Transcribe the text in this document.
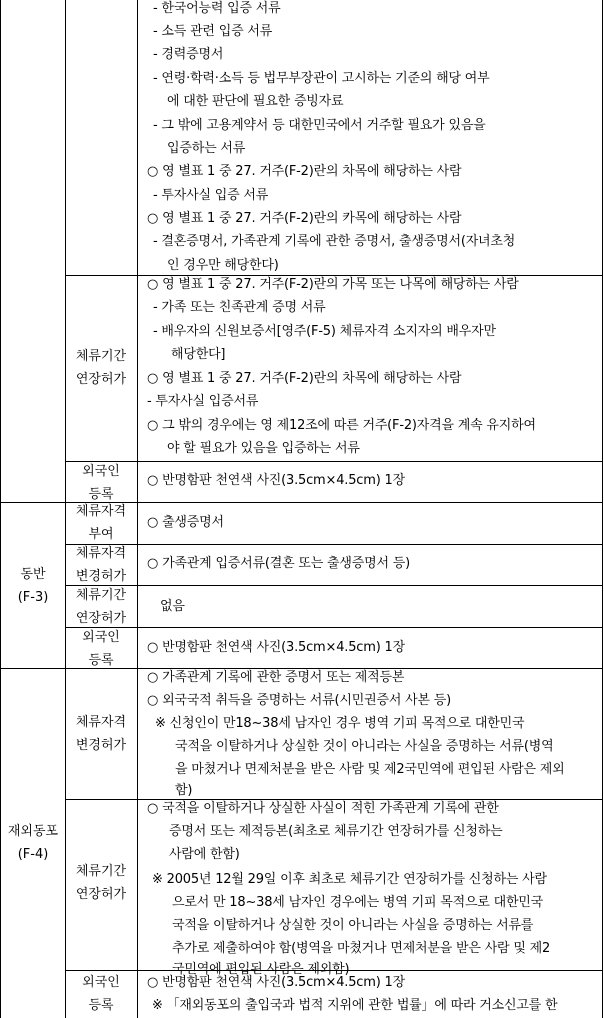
- 한국어능력 입증 서류
- 소득 관련 입증 서류
- 경력증명서
- 연령·학력·소득 등 법무부장관이 고시하는 기준의 해당 여부
에 대한 판단에 필요한 증빙자료
- 그 밖에 고용계약서 등 대한민국에서 거주할 필요가 있음을
입증하는 서류
○ 영 별표 1 중 27. 거주(F-2)란의 차목에 해당하는 사람
- 투자사실 입증 서류
○ 영 별표 1 중 27. 거주(F-2)란의 카목에 해당하는 사람
- 결혼증명서, 가족관계 기록에 관한 증명서, 출생증명서(자녀초청
인 경우만 해당한다)
체류기간
연장허가
○ 영 별표 1 중 27. 거주(F-2)란의 가목 또는 나목에 해당하는 사람
- 가족 또는 친족관계 증명 서류
- 배우자의 신원보증서[영주(F-5) 체류자격 소지자의 배우자만
해당한다]
○ 영 별표 1 중 27. 거주(F-2)란의 차목에 해당하는 사람
- 투자사실 입증서류
○ 그 밖의 경우에는 영 제12조에 따른 거주(F-2)자격을 계속 유지하여
야 할 필요가 있음을 입증하는 서류
외국인
등록
○ 반명함판 천연색 사진(3.5cm×4.5cm) 1장
동반
(F-3)
체류자격
부여
○ 출생증명서
체류자격
변경허가
○ 가족관계 입증서류(결혼 또는 출생증명서 등)
체류기간
연장허가
없음
외국인
등록
○ 반명함판 천연색 사진(3.5cm×4.5cm) 1장
재외동포
(F-4)
체류자격
변경허가
○ 가족관계 기록에 관한 증명서 또는 제적등본
○ 외국국적 취득을 증명하는 서류(시민권증서 사본 등)
※ 신청인이 만18~38세 남자인 경우 병역 기피 목적으로 대한민국
국적을 이탈하거나 상실한 것이 아니라는 사실을 증명하는 서류(병역
을 마쳤거나 면제처분을 받은 사람 및 제2국민역에 편입된 사람은 제외
함)
체류기간
연장허가
○ 국적을 이탈하거나 상실한 사실이 적힌 가족관계 기록에 관한
증명서 또는 제적등본(최초로 체류기간 연장허가를 신청하는
사람에 한함)
※ 2005년 12월 29일 이후 최초로 체류기간 연장허가를 신청하는 사람
으로서 만 18~38세 남자인 경우에는 병역 기피 목적으로 대한민국
국적을 이탈하거나 상실한 것이 아니라는 사실을 증명하는 서류를
추가로 제출하여야 함(병역을 마쳤거나 면제처분을 받은 사람 및 제2
국민역에 편입된 사람은 제외함)
외국인
등록
○ 반명함판 천연색 사진(3.5cm×4.5cm) 1장
※ 「재외동포의 출입국과 법적 지위에 관한 법률」에 따라 거소신고를 한
